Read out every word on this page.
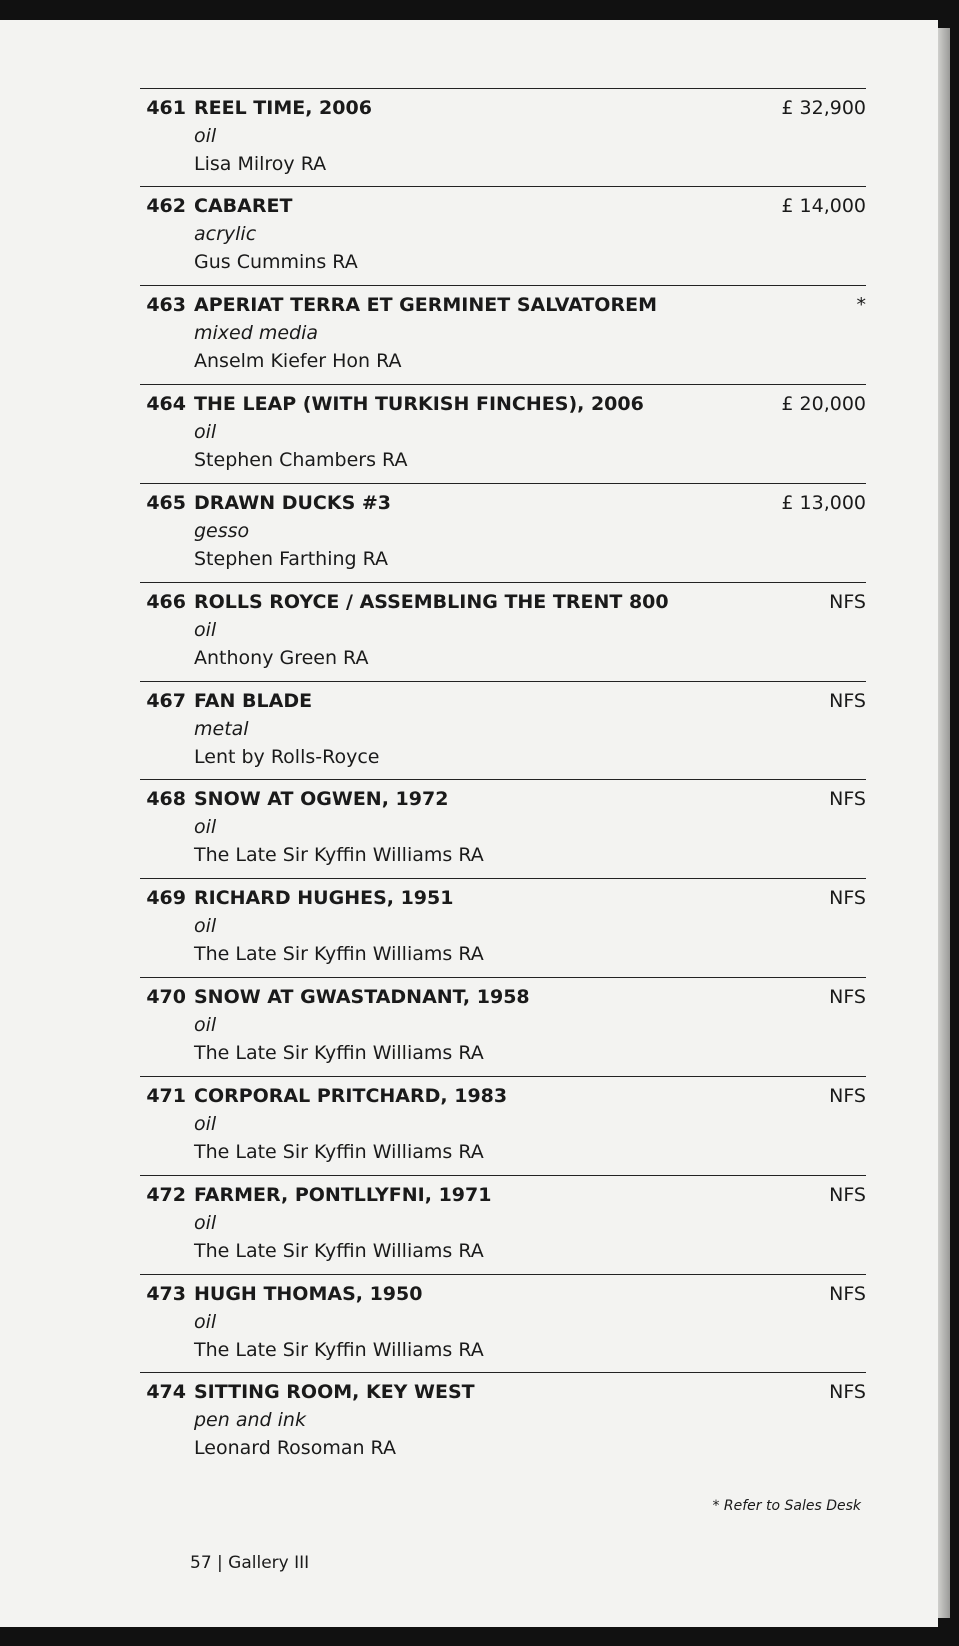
461 REEL TIME, 2006
oil
Lisa Milroy RA
£ 32,900
462 CABARET
acrylic
Gus Cummins RA
£ 14,000
463 APERIAT TERRA ET GERMINET SALVATOREM
mixed media
Anselm Kiefer Hon RA
*
464 THE LEAP (WITH TURKISH FINCHES), 2006
oil
Stephen Chambers RA
£ 20,000
465 DRAWN DUCKS #3
gesso
Stephen Farthing RA
£ 13,000
466 ROLLS ROYCE / ASSEMBLING THE TRENT 800
oil
Anthony Green RA
NFS
467 FAN BLADE
metal
Lent by Rolls-Royce
NFS
468 SNOW AT OGWEN, 1972
oil
The Late Sir Kyffin Williams RA
NFS
469 RICHARD HUGHES, 1951
oil
The Late Sir Kyffin Williams RA
NFS
470 SNOW AT GWASTADNANT, 1958
oil
The Late Sir Kyffin Williams RA
NFS
471 CORPORAL PRITCHARD, 1983
oil
The Late Sir Kyffin Williams RA
NFS
472 FARMER, PONTLLYFNI, 1971
oil
The Late Sir Kyffin Williams RA
NFS
473 HUGH THOMAS, 1950
oil
The Late Sir Kyffin Williams RA
NFS
474 SITTING ROOM, KEY WEST
pen and ink
Leonard Rosoman RA
NFS
* Refer to Sales Desk
57 | Gallery III
